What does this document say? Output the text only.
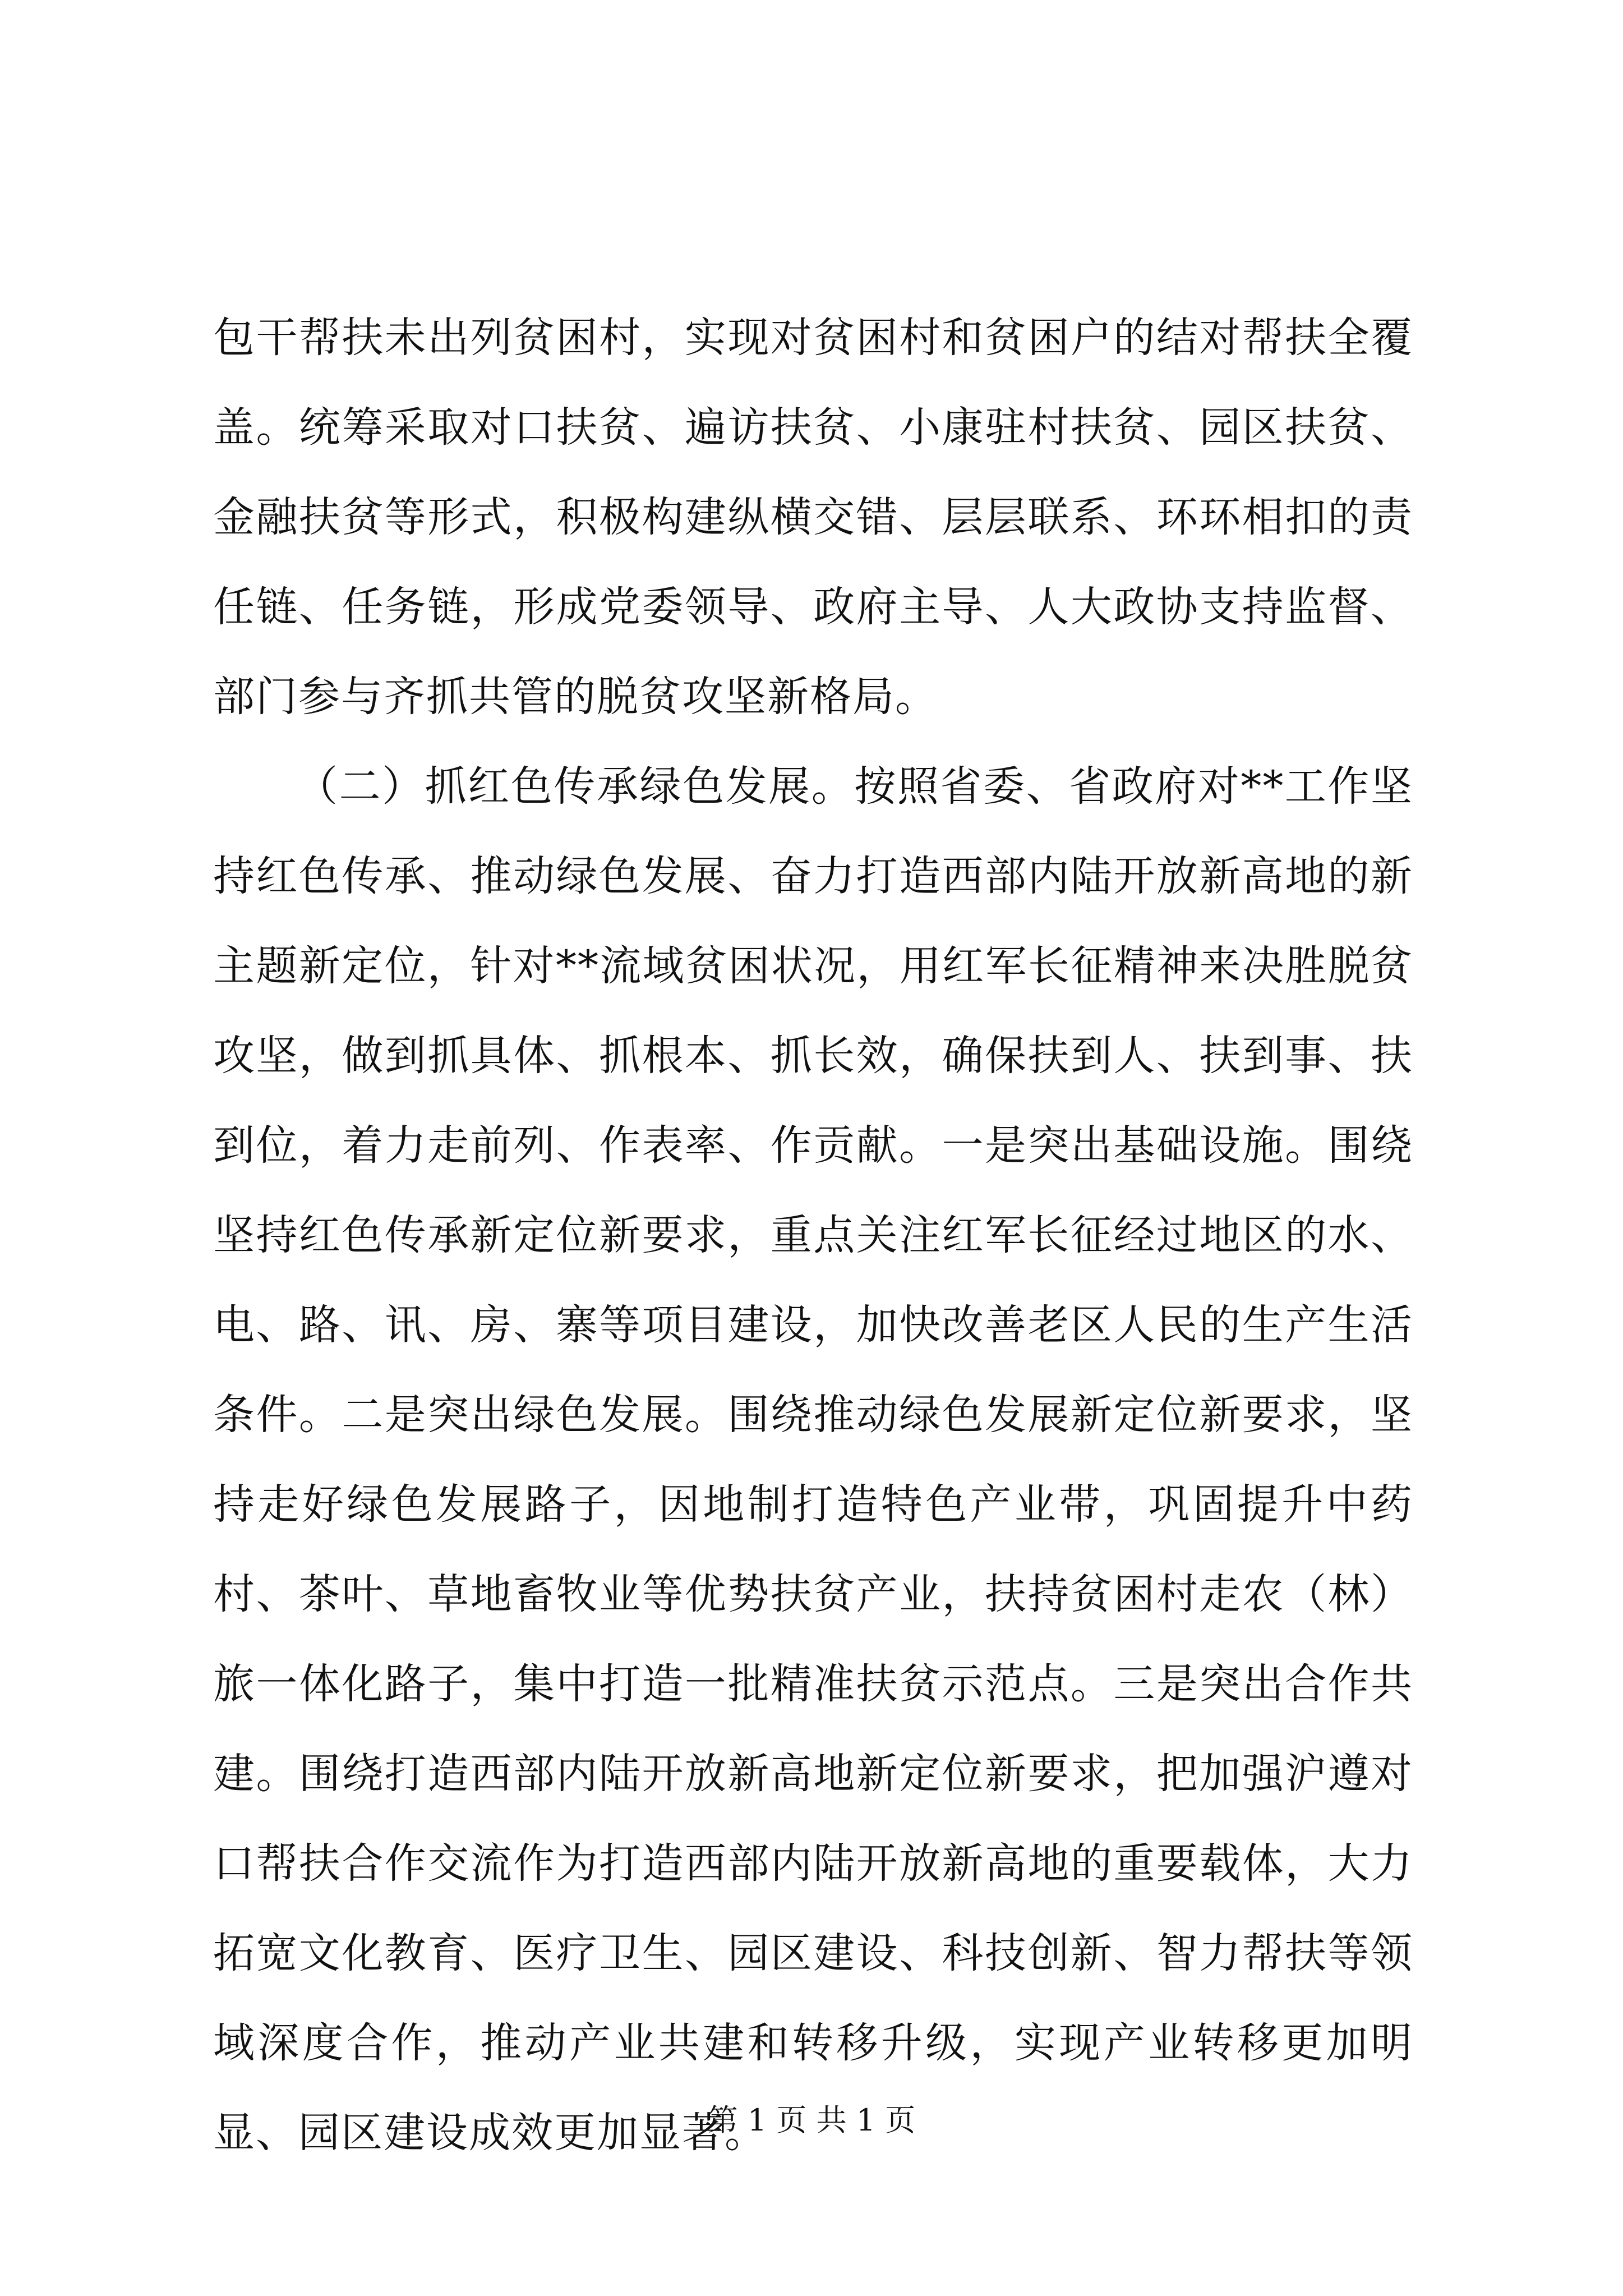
包干帮扶未出列贫困村，实现对贫困村和贫困户的结对帮扶全覆盖。统筹采取对口扶贫、遍访扶贫、小康驻村扶贫、园区扶贫、金融扶贫等形式，积极构建纵横交错、层层联系、环环相扣的责任链、任务链，形成党委领导、政府主导、人大政协支持监督、部门参与齐抓共管的脱贫攻坚新格局。

（二）抓红色传承绿色发展。按照省委、省政府对**工作坚持红色传承、推动绿色发展、奋力打造西部内陆开放新高地的新主题新定位，针对**流域贫困状况，用红军长征精神来决胜脱贫攻坚，做到抓具体、抓根本、抓长效，确保扶到人、扶到事、扶到位，着力走前列、作表率、作贡献。一是突出基础设施。围绕坚持红色传承新定位新要求，重点关注红军长征经过地区的水、电、路、讯、房、寨等项目建设，加快改善老区人民的生产生活条件。二是突出绿色发展。围绕推动绿色发展新定位新要求，坚持走好绿色发展路子，因地制打造特色产业带，巩固提升中药村、茶叶、草地畜牧业等优势扶贫产业，扶持贫困村走农（林）旅一体化路子，集中打造一批精准扶贫示范点。三是突出合作共建。围绕打造西部内陆开放新高地新定位新要求，把加强沪遵对口帮扶合作交流作为打造西部内陆开放新高地的重要载体，大力拓宽文化教育、医疗卫生、园区建设、科技创新、智力帮扶等领域深度合作，推动产业共建和转移升级，实现产业转移更加明显、园区建设成效更加显著。

第 1 页 共 1 页
